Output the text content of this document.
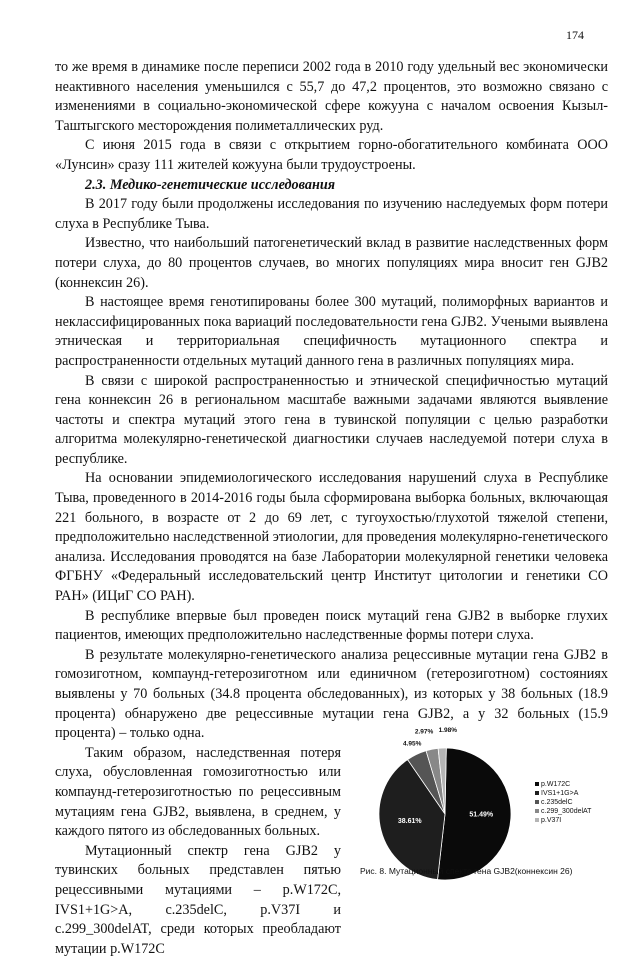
174

то же время в динамике после переписи 2002 года в 2010 году удельный вес экономически неактивного населения уменьшился с 55,7 до 47,2 процентов, это возможно связано с изменениями в социально-экономической сфере кожууна с началом освоения Кызыл-Таштыгского месторождения полиметаллических руд.

С июня 2015 года в связи с открытием горно-обогатительного комбината ООО «Лунсин» сразу 111 жителей кожууна были трудоустроены.

2.3. Медико-генетические исследования

В 2017 году были продолжены исследования по изучению наследуемых форм потери слуха в Республике Тыва.

Известно, что наибольший патогенетический вклад в развитие наследственных форм потери слуха, до 80 процентов случаев, во многих популяциях мира вносит ген GJB2 (коннексин 26).

В настоящее время генотипированы более 300 мутаций, полиморфных вариантов и неклассифицированных пока вариаций последовательности гена GJB2. Учеными выявлена этническая и территориальная специфичность мутационного спектра и распространенности отдельных мутаций данного гена в различных популяциях мира.

В связи с широкой распространенностью и этнической специфичностью мутаций гена коннексин 26 в региональном масштабе важными задачами являются выявление частоты и спектра мутаций этого гена в тувинской популяции с целью разработки алгоритма молекулярно-генетической диагностики случаев наследуемой потери слуха в республике.

На основании эпидемиологического исследования нарушений слуха в Республике Тыва, проведенного в 2014-2016 годы была сформирована выборка больных, включающая 221 больного, в возрасте от 2 до 69 лет, с тугоухостью/глухотой тяжелой степени, предположительно наследственной этиологии, для проведения молекулярно-генетического анализа. Исследования проводятся на базе Лаборатории молекулярной генетики человека ФГБНУ «Федеральный исследовательский центр Институт цитологии и генетики СО РАН» (ИЦиГ СО РАН).

В республике впервые был проведен поиск мутаций гена GJB2 в выборке глухих пациентов, имеющих предположительно наследственные формы потери слуха.

В результате молекулярно-генетического анализа рецессивные мутации гена GJB2 в гомозиготном, компаунд-гетерозиготном или единичном (гетерозиготном) состояниях выявлены у 70 больных (34.8 процента обследованных), из которых у 38 больных (18.9 процента) обнаружено две рецессивные мутации гена GJB2, а у 32 больных (15.9 процента) – только одна.

Таким образом, наследственная потеря слуха, обусловленная гомозиготностью или компаунд-гетерозиготностью по рецессивным мутациям гена GJB2, выявлена, в среднем, у каждого пятого из обследованных больных.

Мутационный спектр гена GJB2 у тувинских больных представлен пятью рецессивными мутациями – p.W172C, IVS1+1G>A, c.235delC, p.V37I и c.299_300delAT, среди которых преобладают мутации p.W172C

51.49%
38.61%
4.95%
2.97% 1.98%
p.W172C
IVS1+1G>A
c.235delC
c.299_300delAT
p.V37I
Рис. 8. Мутационный спектр гена GJB2(коннексин 26)
